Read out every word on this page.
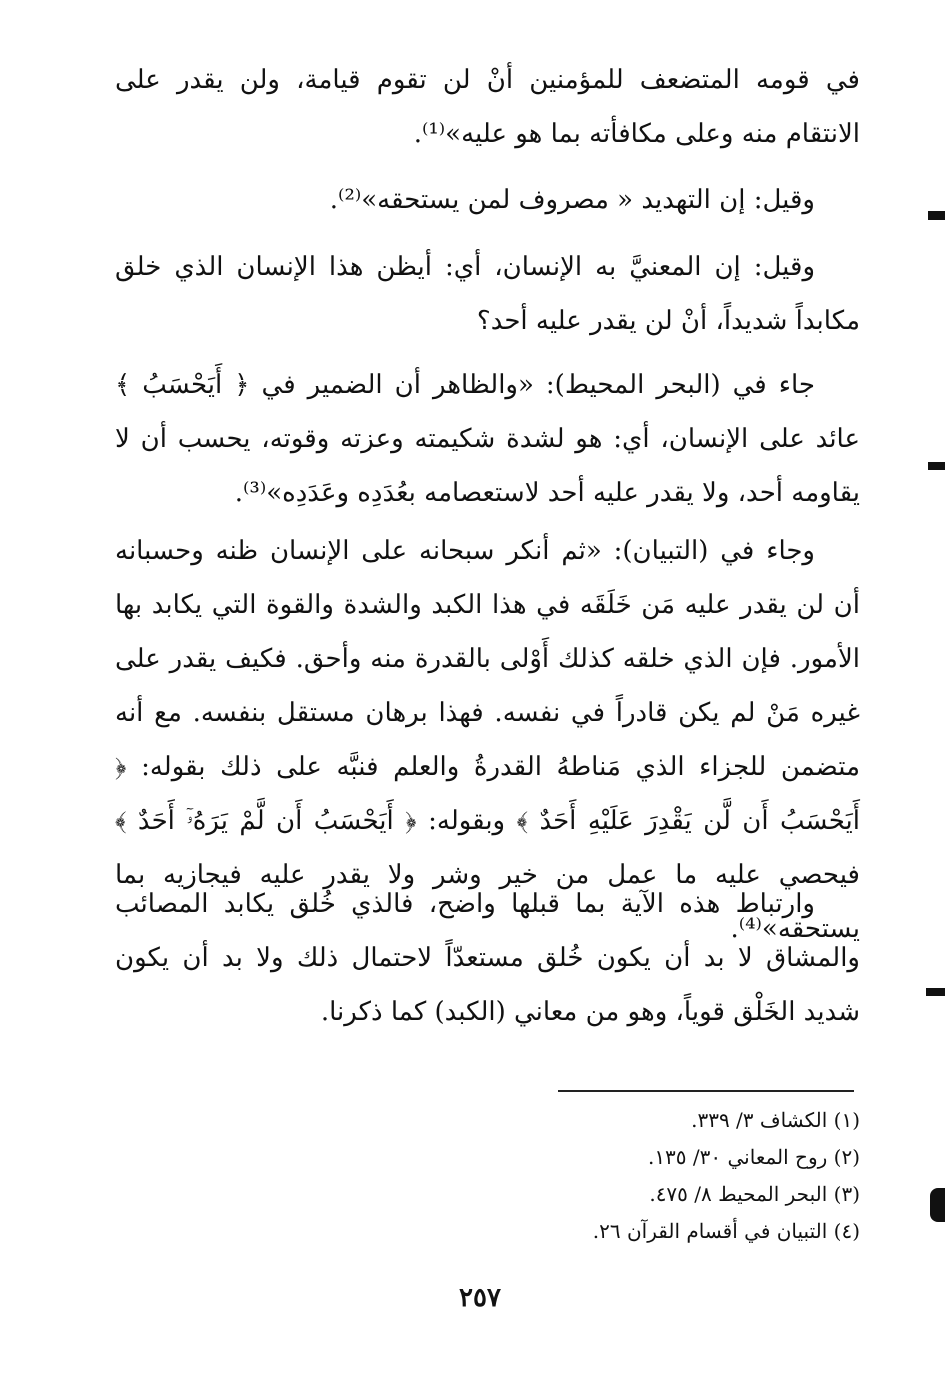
في قومه المتضعف للمؤمنين أنْ لن تقوم قيامة، ولن يقدر على الانتقام منه وعلى مكافأته بما هو عليه»⁽¹⁾.

وقيل: إن التهديد « مصروف لمن يستحقه»⁽²⁾.

وقيل: إن المعنيَّ به الإنسان، أي: أيظن هذا الإنسان الذي خلق مكابداً شديداً، أنْ لن يقدر عليه أحد؟

جاء في (البحر المحيط): «والظاهر أن الضمير في ﴿ أَيَحْسَبُ ﴾ عائد على الإنسان، أي: هو لشدة شكيمته وعزته وقوته، يحسب أن لا يقاومه أحد، ولا يقدر عليه أحد لاستعصامه بعُدَدِه وعَدَدِه»⁽³⁾.

وجاء في (التبيان): «ثم أنكر سبحانه على الإنسان ظنه وحسبانه أن لن يقدر عليه مَن خَلَقَه في هذا الكبد والشدة والقوة التي يكابد بها الأمور. فإن الذي خلقه كذلك أَوْلى بالقدرة منه وأحق. فكيف يقدر على غيره مَنْ لم يكن قادراً في نفسه. فهذا برهان مستقل بنفسه. مع أنه متضمن للجزاء الذي مَناطهُ القدرةُ والعلم فنبَّه على ذلك بقوله: ﴿ أَيَحْسَبُ أَن لَّن يَقْدِرَ عَلَيْهِ أَحَدٌ ﴾ وبقوله: ﴿ أَيَحْسَبُ أَن لَّمْ يَرَهُۥٓ أَحَدٌ ﴾ فيحصي عليه ما عمل من خير وشر ولا يقدر عليه فيجازيه بما يستحقه»⁽⁴⁾.

وارتباط هذه الآية بما قبلها واضح، فالذي خُلق يكابد المصائب والمشاق لا بد أن يكون خُلق مستعدّاً لاحتمال ذلك ولا بد أن يكون شديد الخَلْق قوياً، وهو من معاني (الكبد) كما ذكرنا.

(١) الكشاف ٣/ ٣٣٩.
(٢) روح المعاني ٣٠/ ١٣٥.
(٣) البحر المحيط ٨/ ٤٧٥.
(٤) التبيان في أقسام القرآن ٢٦.
٢٥٧
